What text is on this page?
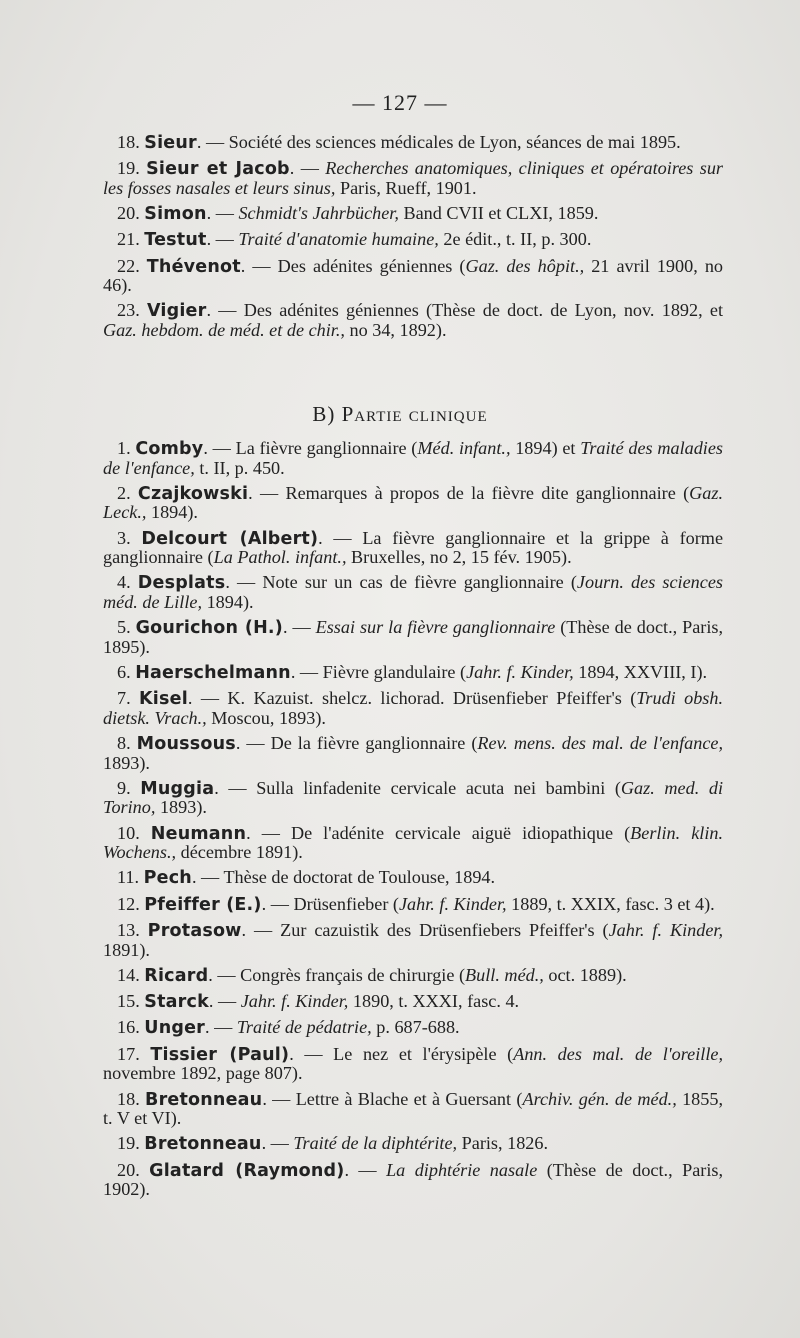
— 127 —

18. Sieur. — Société des sciences médicales de Lyon, séances de mai 1895.

19. Sieur et Jacob. — Recherches anatomiques, cliniques et opératoires sur les fosses nasales et leurs sinus, Paris, Rueff, 1901.

20. Simon. — Schmidt's Jahrbücher, Band CVII et CLXI, 1859.

21. Testut. — Traité d'anatomie humaine, 2e édit., t. II, p. 300.

22. Thévenot. — Des adénites géniennes (Gaz. des hôpit., 21 avril 1900, no 46).

23. Vigier. — Des adénites géniennes (Thèse de doct. de Lyon, nov. 1892, et Gaz. hebdom. de méd. et de chir., no 34, 1892).

B) Partie clinique

1. Comby. — La fièvre ganglionnaire (Méd. infant., 1894) et Traité des maladies de l'enfance, t. II, p. 450.

2. Czajkowski. — Remarques à propos de la fièvre dite ganglionnaire (Gaz. Leck., 1894).

3. Delcourt (Albert). — La fièvre ganglionnaire et la grippe à forme ganglionnaire (La Pathol. infant., Bruxelles, no 2, 15 fév. 1905).

4. Desplats. — Note sur un cas de fièvre ganglionnaire (Journ. des sciences méd. de Lille, 1894).

5. Gourichon (H.). — Essai sur la fièvre ganglionnaire (Thèse de doct., Paris, 1895).

6. Haerschelmann. — Fièvre glandulaire (Jahr. f. Kinder, 1894, XXVIII, I).

7. Kisel. — K. Kazuist. shelcz. lichorad. Drüsenfieber Pfeiffer's (Trudi obsh. dietsk. Vrach., Moscou, 1893).

8. Moussous. — De la fièvre ganglionnaire (Rev. mens. des mal. de l'enfance, 1893).

9. Muggia. — Sulla linfadenite cervicale acuta nei bambini (Gaz. med. di Torino, 1893).

10. Neumann. — De l'adénite cervicale aiguë idiopathique (Berlin. klin. Wochens., décembre 1891).

11. Pech. — Thèse de doctorat de Toulouse, 1894.

12. Pfeiffer (E.). — Drüsenfieber (Jahr. f. Kinder, 1889, t. XXIX, fasc. 3 et 4).

13. Protasow. — Zur cazuistik des Drüsenfiebers Pfeiffer's (Jahr. f. Kinder, 1891).

14. Ricard. — Congrès français de chirurgie (Bull. méd., oct. 1889).

15. Starck. — Jahr. f. Kinder, 1890, t. XXXI, fasc. 4.

16. Unger. — Traité de pédatrie, p. 687-688.

17. Tissier (Paul). — Le nez et l'érysipèle (Ann. des mal. de l'oreille, novembre 1892, page 807).

18. Bretonneau. — Lettre à Blache et à Guersant (Archiv. gén. de méd., 1855, t. V et VI).

19. Bretonneau. — Traité de la diphtérite, Paris, 1826.

20. Glatard (Raymond). — La diphtérie nasale (Thèse de doct., Paris, 1902).
